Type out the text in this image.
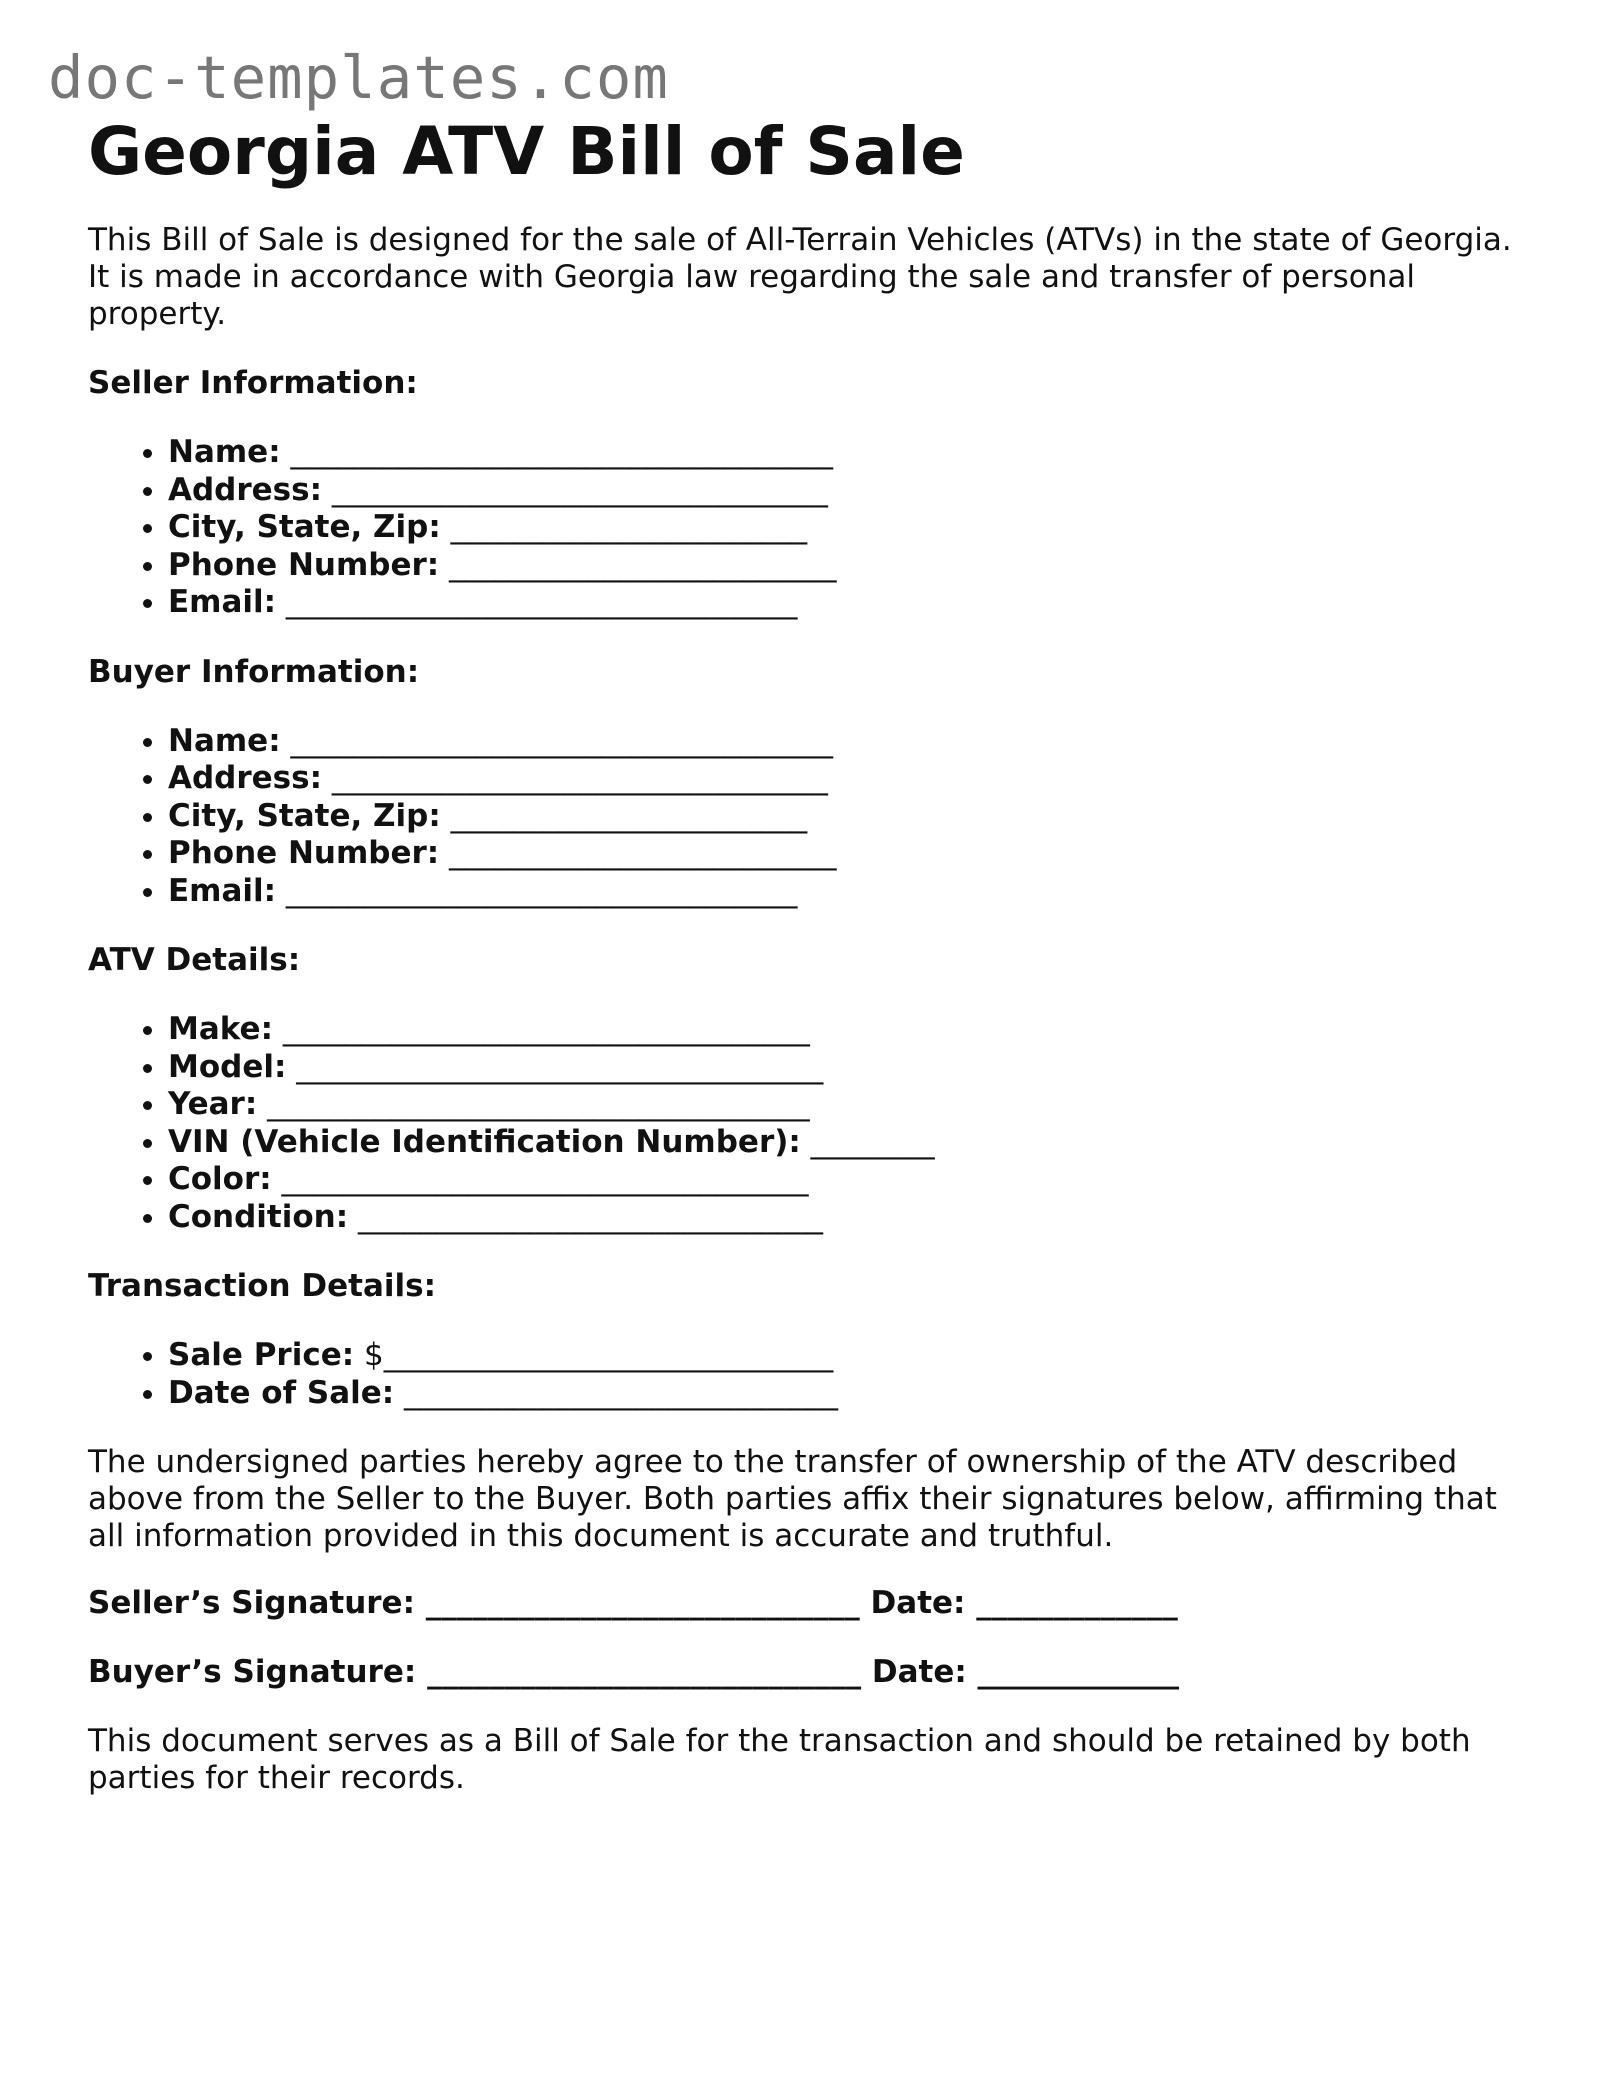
doc-templates.com
Georgia ATV Bill of Sale

This Bill of Sale is designed for the sale of All-Terrain Vehicles (ATVs) in the state of Georgia. It is made in accordance with Georgia law regarding the sale and transfer of personal property.

Seller Information:

• Name: ___________________________________
• Address: ________________________________
• City, State, Zip: _______________________
• Phone Number: _________________________
• Email: _________________________________

Buyer Information:

• Name: ___________________________________
• Address: ________________________________
• City, State, Zip: _______________________
• Phone Number: _________________________
• Email: _________________________________

ATV Details:

• Make: __________________________________
• Model: __________________________________
• Year: ___________________________________
• VIN (Vehicle Identification Number): ________
• Color: __________________________________
• Condition: ______________________________

Transaction Details:

• Sale Price: $_____________________________
• Date of Sale: ____________________________

The undersigned parties hereby agree to the transfer of ownership of the ATV described above from the Seller to the Buyer. Both parties affix their signatures below, affirming that all information provided in this document is accurate and truthful.

Seller’s Signature: ____________________________ Date: _____________

Buyer’s Signature: ____________________________ Date: _____________

This document serves as a Bill of Sale for the transaction and should be retained by both parties for their records.
